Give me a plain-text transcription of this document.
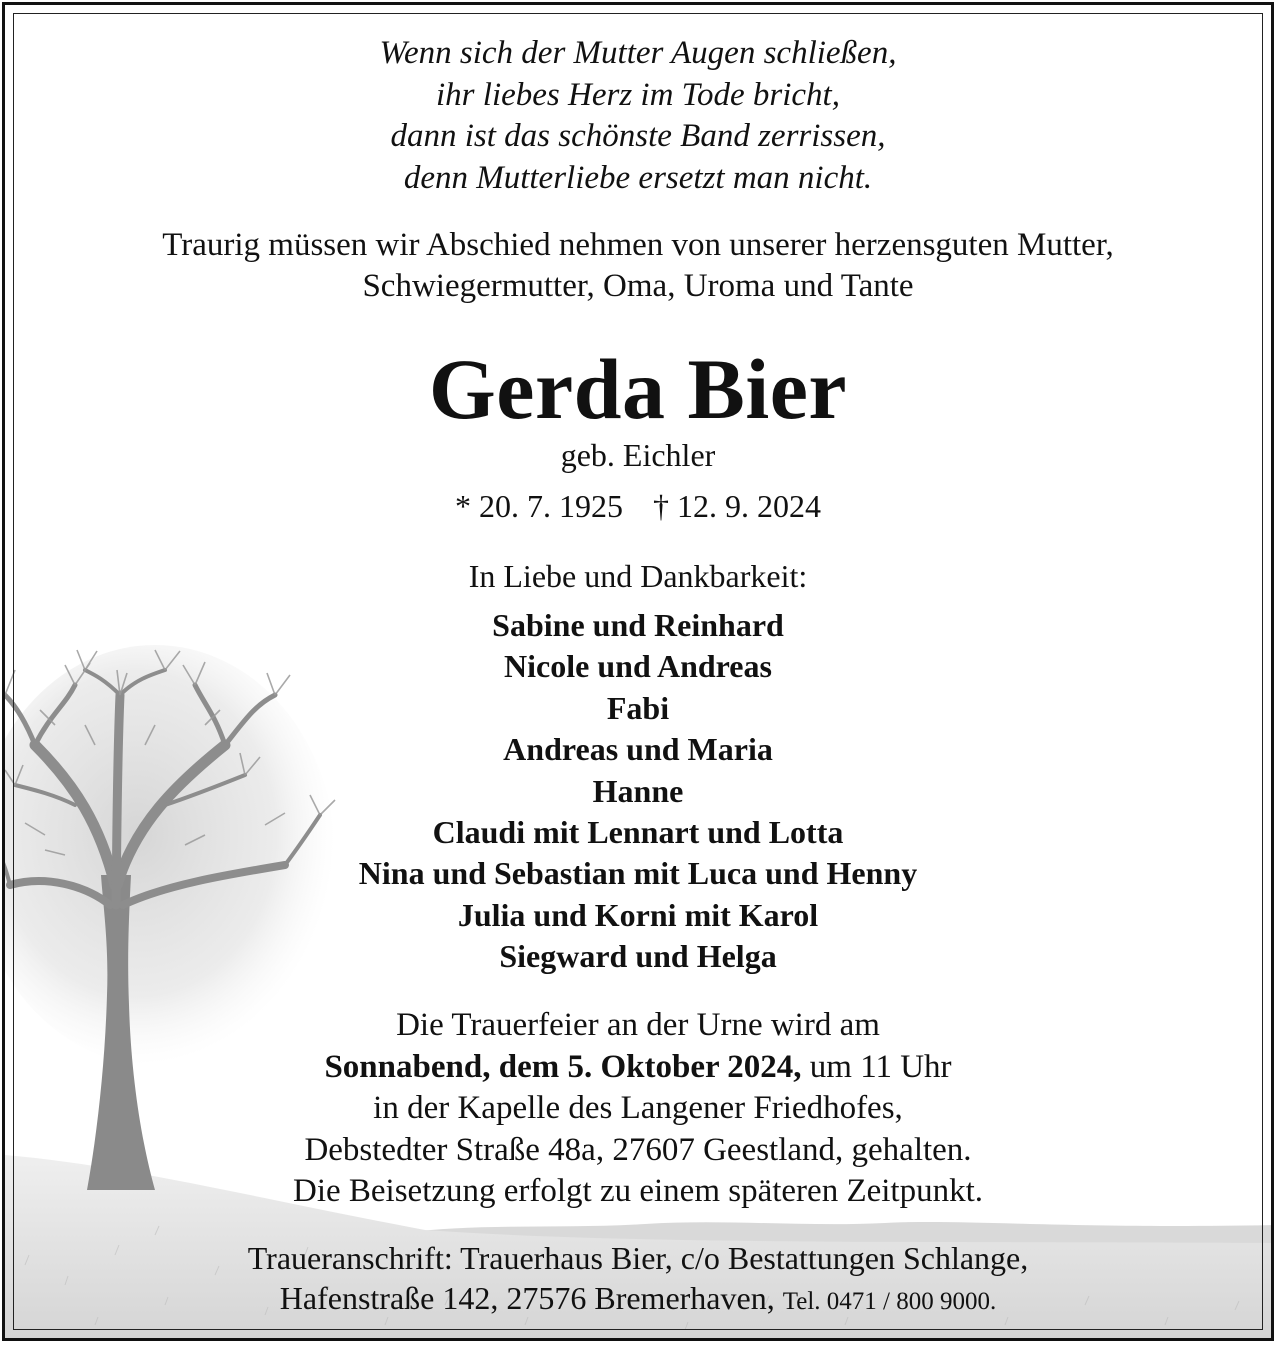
Wenn sich der Mutter Augen schließen,
ihr liebes Herz im Tode bricht,
dann ist das schönste Band zerrissen,
denn Mutterliebe ersetzt man nicht.
Traurig müssen wir Abschied nehmen von unserer herzensguten Mutter,
Schwiegermutter, Oma, Uroma und Tante
Gerda Bier
geb. Eichler
* 20. 7. 1925 † 12. 9. 2024
In Liebe und Dankbarkeit:
Sabine und Reinhard
Nicole und Andreas
Fabi
Andreas und Maria
Hanne
Claudi mit Lennart und Lotta
Nina und Sebastian mit Luca und Henny
Julia und Korni mit Karol
Siegward und Helga
Die Trauerfeier an der Urne wird am
Sonnabend, dem 5. Oktober 2024, um 11 Uhr
in der Kapelle des Langener Friedhofes,
Debstedter Straße 48a, 27607 Geestland, gehalten.
Die Beisetzung erfolgt zu einem späteren Zeitpunkt.
Traueranschrift: Trauerhaus Bier, c/o Bestattungen Schlange,
Hafenstraße 142, 27576 Bremerhaven, Tel. 0471 / 800 9000.
